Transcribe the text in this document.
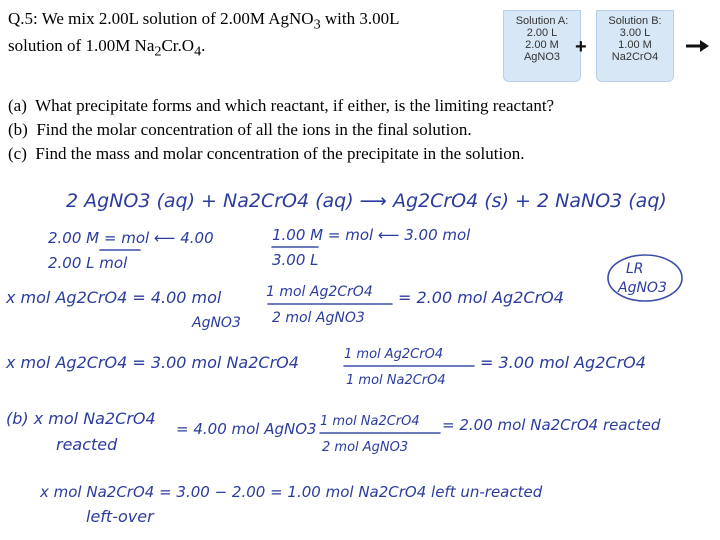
Q.5: We mix 2.00L solution of 2.00M AgNO$_3$ with 3.00L
solution of 1.00M $Na_2Cr.O_4$.
Solution A:
2.00 L
2.00 M
AgNO3 +
Solution B:
3.00 L
1.00 M
Na2CrO4
(a) What precipitate forms and which reactant, if either, is the limiting reactant?
(b) Find the molar concentration of all the ions in the final solution.
(c) Find the mass and molar concentration of the precipitate in the solution.
2 AgNO3 (aq) + Na2CrO4 (aq) ⟶ Ag2CrO4 (s) + 2 NaNO3 (aq)
2.00 M = mol ⟵ 4.00
2.00 L mol
1.00 M = mol ⟵ 3.00 mol
3.00 L	LR
AgNO3
x mol Ag2CrO4 = 4.00 mol
AgNO3
1 mol Ag2CrO4
2 mol AgNO3
= 2.00 mol Ag2CrO4
x mol Ag2CrO4 = 3.00 mol Na2CrO4	1 mol Ag2CrO4
1 mol Na2CrO4
= 3.00 mol Ag2CrO4
(b) x mol Na2CrO4
reacted
= 4.00 mol AgNO3 1 mol Na2CrO4
2 mol AgNO3
= 2.00 mol Na2CrO4 reacted
x mol Na2CrO4 = 3.00 − 2.00 = 1.00 mol Na2CrO4 left un-reacted
left-over
